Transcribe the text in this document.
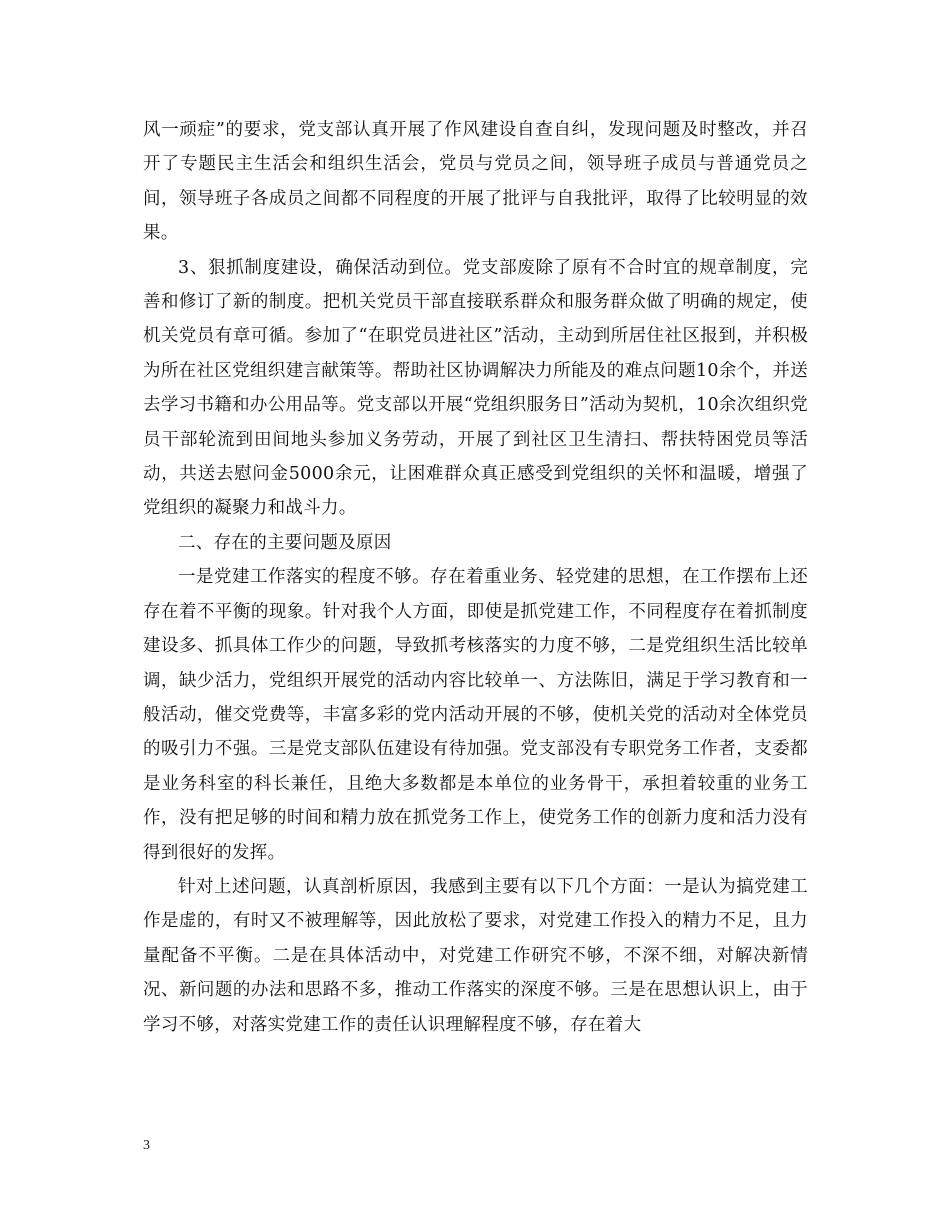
风一顽症”的要求，党支部认真开展了作风建设自查自纠，发现问题及时整改，并召开了专题民主生活会和组织生活会，党员与党员之间，领导班子成员与普通党员之间，领导班子各成员之间都不同程度的开展了批评与自我批评，取得了比较明显的效果。

3、狠抓制度建设，确保活动到位。党支部废除了原有不合时宜的规章制度，完善和修订了新的制度。把机关党员干部直接联系群众和服务群众做了明确的规定，使机关党员有章可循。参加了“在职党员进社区”活动，主动到所居住社区报到，并积极为所在社区党组织建言献策等。帮助社区协调解决力所能及的难点问题10余个，并送去学习书籍和办公用品等。党支部以开展“党组织服务日”活动为契机，10余次组织党员干部轮流到田间地头参加义务劳动，开展了到社区卫生清扫、帮扶特困党员等活动，共送去慰问金5000余元，让困难群众真正感受到党组织的关怀和温暖，增强了党组织的凝聚力和战斗力。

二、存在的主要问题及原因

一是党建工作落实的程度不够。存在着重业务、轻党建的思想，在工作摆布上还存在着不平衡的现象。针对我个人方面，即使是抓党建工作，不同程度存在着抓制度建设多、抓具体工作少的问题，导致抓考核落实的力度不够，二是党组织生活比较单调，缺少活力，党组织开展党的活动内容比较单一、方法陈旧，满足于学习教育和一般活动，催交党费等，丰富多彩的党内活动开展的不够，使机关党的活动对全体党员的吸引力不强。三是党支部队伍建设有待加强。党支部没有专职党务工作者，支委都是业务科室的科长兼任，且绝大多数都是本单位的业务骨干，承担着较重的业务工作，没有把足够的时间和精力放在抓党务工作上，使党务工作的创新力度和活力没有得到很好的发挥。

针对上述问题，认真剖析原因，我感到主要有以下几个方面：一是认为搞党建工作是虚的，有时又不被理解等，因此放松了要求，对党建工作投入的精力不足，且力量配备不平衡。二是在具体活动中，对党建工作研究不够，不深不细，对解决新情况、新问题的办法和思路不多，推动工作落实的深度不够。三是在思想认识上，由于学习不够，对落实党建工作的责任认识理解程度不够，存在着大

3
